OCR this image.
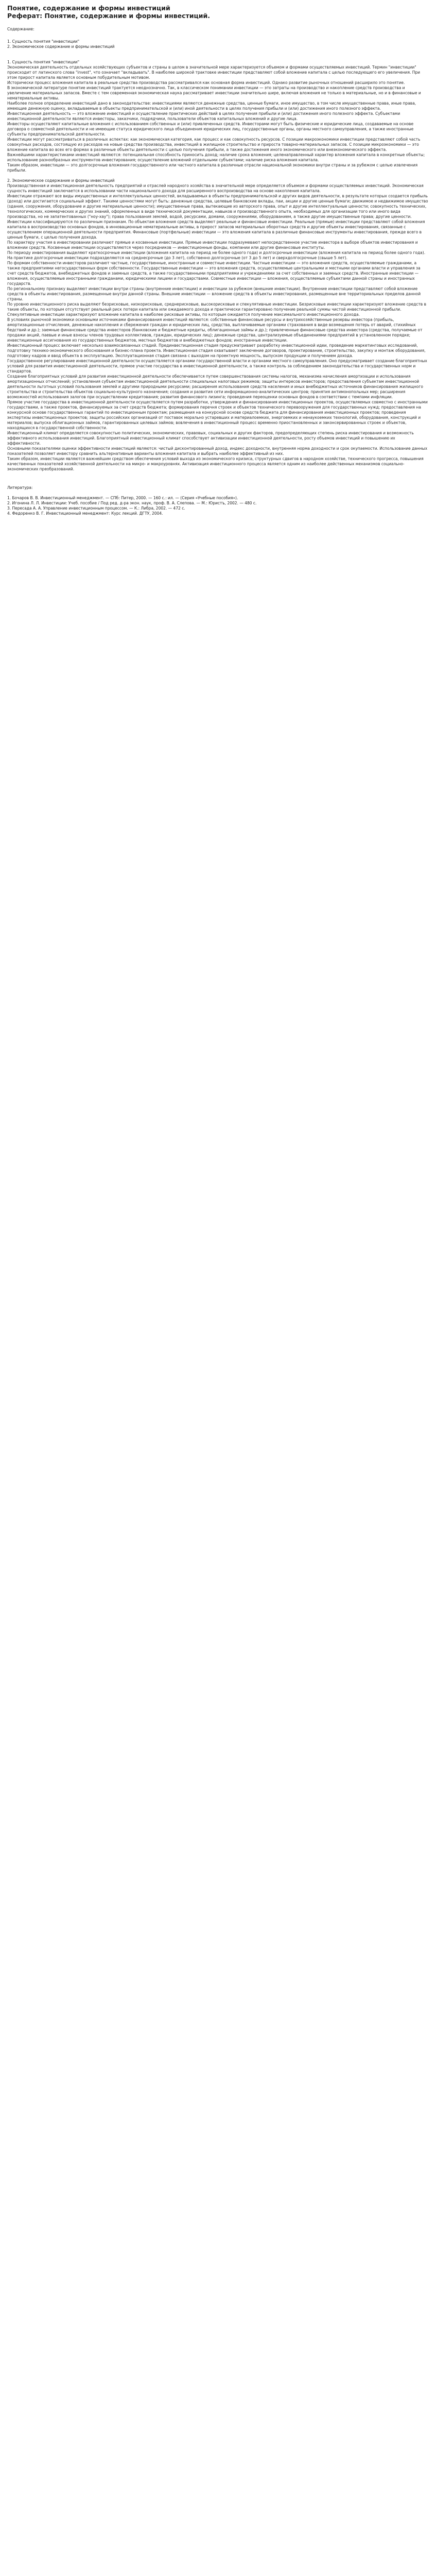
Понятие, содержание и формы инвестиций

Реферат: Понятие, содержание и формы инвестиций.

Содержание:

1. Сущность понятия "инвестиции"

2. Экономическое содержание и формы инвестиций

1. Сущность понятия "инвестиции"

Экономическая деятельность отдельных хозяйствующих субъектов и страны в целом в значительной мере характеризуется объемом и формами осуществляемых инвестиций. Термин "инвестиции" происходит от латинского слова "invest", что означает "вкладывать". В наиболее широкой трактовке инвестиции представляют собой вложение капитала с целью последующего его увеличения. При этом прирост капитала является основным побудительным мотивом.

Исторически процесс вложения капитала в реальные средства производства рассматривался как основная форма инвестиций. Однако развитие рыночных отношений расширило это понятие.

В экономической литературе понятие инвестиций трактуется неоднозначно. Так, в классическом понимании инвестиции — это затраты на производство и накопление средств производства и увеличение материальных запасов. Вместе с тем современная экономическая наука рассматривает инвестиции значительно шире, включая вложения не только в материальные, но и в финансовые и нематериальные активы.

Наиболее полное определение инвестиций дано в законодательстве: инвестициями являются денежные средства, ценные бумаги, иное имущество, в том числе имущественные права, иные права, имеющие денежную оценку, вкладываемые в объекты предпринимательской и (или) иной деятельности в целях получения прибыли и (или) достижения иного полезного эффекта.

Инвестиционная деятельность — это вложение инвестиций и осуществление практических действий в целях получения прибыли и (или) достижения иного полезного эффекта. Субъектами инвестиционной деятельности являются инвесторы, заказчики, подрядчики, пользователи объектов капитальных вложений и другие лица.

Инвесторы осуществляют капитальные вложения с использованием собственных и (или) привлеченных средств. Инвесторами могут быть физические и юридические лица, создаваемые на основе договора о совместной деятельности и не имеющие статуса юридического лица объединения юридических лиц, государственные органы, органы местного самоуправления, а также иностранные субъекты предпринимательской деятельности.

Инвестиции могут рассматриваться в различных аспектах: как экономическая категория, как процесс и как совокупность ресурсов. С позиции макроэкономики инвестиции представляют собой часть совокупных расходов, состоящую из расходов на новые средства производства, инвестиций в жилищное строительство и прироста товарно-материальных запасов. С позиции микроэкономики — это вложение капитала во всех его формах в различные объекты деятельности с целью получения прибыли, а также достижения иного экономического или внеэкономического эффекта.

Важнейшими характеристиками инвестиций являются: потенциальная способность приносить доход; наличие срока вложения; целенаправленный характер вложения капитала в конкретные объекты; использование разнообразных инструментов инвестирования; осуществление вложений отдельными субъектами; наличие риска вложения капитала.

Таким образом, инвестиции — это долгосрочные вложения государственного или частного капитала в различные отрасли национальной экономики внутри страны и за рубежом с целью извлечения прибыли.

2. Экономическое содержание и формы инвестиций

Производственная и инвестиционная деятельность предприятий и отраслей народного хозяйства в значительной мере определяется объемом и формами осуществляемых инвестиций. Экономическая сущность инвестиций заключается в использовании части национального дохода для расширенного воспроизводства на основе накопления капитала.

Инвестиции отражают все виды имущественных и интеллектуальных ценностей, вкладываемых в объекты предпринимательской и других видов деятельности, в результате которых создается прибыль (доход) или достигается социальный эффект. Такими ценностями могут быть: денежные средства, целевые банковские вклады, паи, акции и другие ценные бумаги; движимое и недвижимое имущество (здания, сооружения, оборудование и другие материальные ценности); имущественные права, вытекающие из авторского права, опыт и другие интеллектуальные ценности; совокупность технических, технологических, коммерческих и других знаний, оформленных в виде технической документации, навыков и производственного опыта, необходимых для организации того или иного вида производства, но не запатентованных ("ноу-хау"); права пользования землей, водой, ресурсами, домами, сооружениями, оборудованием, а также другие имущественные права; другие ценности.

Инвестиции классифицируются по различным признакам. По объектам вложения средств выделяют реальные и финансовые инвестиции. Реальные (прямые) инвестиции представляют собой вложения капитала в воспроизводство основных фондов, в инновационные нематериальные активы, в прирост запасов материальных оборотных средств и другие объекты инвестирования, связанные с осуществлением операционной деятельности предприятия. Финансовые (портфельные) инвестиции — это вложения капитала в различные финансовые инструменты инвестирования, прежде всего в ценные бумаги, с целью получения дохода.

По характеру участия в инвестировании различают прямые и косвенные инвестиции. Прямые инвестиции подразумевают непосредственное участие инвестора в выборе объектов инвестирования и вложении средств. Косвенные инвестиции осуществляются через посредников — инвестиционные фонды, компании или другие финансовые институты.

По периоду инвестирования выделяют краткосрочные инвестиции (вложения капитала на период не более одного года) и долгосрочные инвестиции (вложения капитала на период более одного года). На практике долгосрочные инвестиции подразделяются на среднесрочные (до 3 лет), собственно долгосрочные (от 3 до 5 лет) и сверхдолгосрочные (свыше 5 лет).

По формам собственности инвесторов различают частные, государственные, иностранные и совместные инвестиции. Частные инвестиции — это вложения средств, осуществляемые гражданами, а также предприятиями негосударственных форм собственности. Государственные инвестиции — это вложения средств, осуществляемые центральными и местными органами власти и управления за счет средств бюджетов, внебюджетных фондов и заемных средств, а также государственными предприятиями и учреждениями за счет собственных и заемных средств. Иностранные инвестиции — вложения, осуществляемые иностранными гражданами, юридическими лицами и государствами. Совместные инвестиции — вложения, осуществляемые субъектами данной страны и иностранных государств.

По региональному признаку выделяют инвестиции внутри страны (внутренние инвестиции) и инвестиции за рубежом (внешние инвестиции). Внутренние инвестиции представляют собой вложение средств в объекты инвестирования, размещенные внутри данной страны. Внешние инвестиции — вложение средств в объекты инвестирования, размещенные вне территориальных пределов данной страны.

По уровню инвестиционного риска выделяют безрисковые, низкорисковые, среднерисковые, высокорисковые и спекулятивные инвестиции. Безрисковые инвестиции характеризуют вложение средств в такие объекты, по которым отсутствует реальный риск потери капитала или ожидаемого дохода и практически гарантировано получение реальной суммы чистой инвестиционной прибыли. Спекулятивные инвестиции характеризуют вложение капитала в наиболее рисковые активы, по которым ожидается получение максимального инвестиционного дохода.

В условиях рыночной экономики основными источниками финансирования инвестиций являются: собственные финансовые ресурсы и внутрихозяйственные резервы инвестора (прибыль, амортизационные отчисления, денежные накопления и сбережения граждан и юридических лиц, средства, выплачиваемые органами страхования в виде возмещения потерь от аварий, стихийных бедствий и др.); заемные финансовые средства инвесторов (банковские и бюджетные кредиты, облигационные займы и др.); привлеченные финансовые средства инвестора (средства, получаемые от продажи акций, паевые и иные взносы членов трудовых коллективов, граждан, юридических лиц); денежные средства, централизуемые объединениями предприятий в установленном порядке; инвестиционные ассигнования из государственных бюджетов, местных бюджетов и внебюджетных фондов; иностранные инвестиции.

Инвестиционный процесс включает несколько взаимосвязанных стадий. Прединвестиционная стадия предусматривает разработку инвестиционной идеи, проведение маркетинговых исследований, подготовку технико-экономического обоснования и бизнес-плана проекта. Инвестиционная стадия охватывает заключение договоров, проектирование, строительство, закупку и монтаж оборудования, подготовку кадров и ввод объекта в эксплуатацию. Эксплуатационная стадия связана с выходом на проектную мощность, выпуском продукции и получением дохода.

Государственное регулирование инвестиционной деятельности осуществляется органами государственной власти и органами местного самоуправления. Оно предусматривает создание благоприятных условий для развития инвестиционной деятельности, прямое участие государства в инвестиционной деятельности, а также контроль за соблюдением законодательства и государственных норм и стандартов.

Создание благоприятных условий для развития инвестиционной деятельности обеспечивается путем совершенствования системы налогов, механизма начисления амортизации и использования амортизационных отчислений; установления субъектам инвестиционной деятельности специальных налоговых режимов; защиты интересов инвесторов; предоставления субъектам инвестиционной деятельности льготных условий пользования землей и другими природными ресурсами; расширения использования средств населения и иных внебюджетных источников финансирования жилищного строительства и строительства объектов социально-культурного назначения; создания и развития сети информационно-аналитических центров; принятия антимонопольных мер; расширения возможностей использования залогов при осуществлении кредитования; развития финансового лизинга; проведения переоценки основных фондов в соответствии с темпами инфляции.

Прямое участие государства в инвестиционной деятельности осуществляется путем разработки, утверждения и финансирования инвестиционных проектов, осуществляемых совместно с иностранными государствами, а также проектов, финансируемых за счет средств бюджета; формирования перечня строек и объектов технического перевооружения для государственных нужд; предоставления на конкурсной основе государственных гарантий по инвестиционным проектам; размещения на конкурсной основе средств бюджета для финансирования инвестиционных проектов; проведения экспертизы инвестиционных проектов; защиты российских организаций от поставок морально устаревших и материалоемких, энергоемких и ненаукоемких технологий, оборудования, конструкций и материалов; выпуска облигационных займов, гарантированных целевых займов; вовлечения в инвестиционный процесс временно приостановленных и законсервированных строек и объектов, находящихся в государственной собственности.

Инвестиционный климат определяется совокупностью политических, экономических, правовых, социальных и других факторов, предопределяющих степень риска инвестирования и возможность эффективного использования инвестиций. Благоприятный инвестиционный климат способствует активизации инвестиционной деятельности, росту объемов инвестиций и повышению их эффективности.

Основными показателями оценки эффективности инвестиций являются: чистый дисконтированный доход, индекс доходности, внутренняя норма доходности и срок окупаемости. Использование данных показателей позволяет инвестору сравнить альтернативные варианты вложения капитала и выбрать наиболее эффективный из них.

Таким образом, инвестиции являются важнейшим средством обеспечения условий выхода из экономического кризиса, структурных сдвигов в народном хозяйстве, технического прогресса, повышения качественных показателей хозяйственной деятельности на микро- и макроуровнях. Активизация инвестиционного процесса является одним из наиболее действенных механизмов социально-экономических преобразований.

Литература:

1. Бочаров В. В. Инвестиционный менеджмент. — СПб: Питер, 2000. — 160 с.: ил. — (Серия «Учебные пособия»).

2. Игонина Л. Л. Инвестиции: Учеб. пособие / Под ред. д-ра экон. наук, проф. В. А. Слепова. — М.: Юристъ, 2002. — 480 с.

3. Пересада А. А. Управление инвестиционным процессом. — К.: Либра, 2002. — 472 с.

4. Федоренко В. Г. Инвестиционный менеджмент: Курс лекций. ДГТУ, 2004.
